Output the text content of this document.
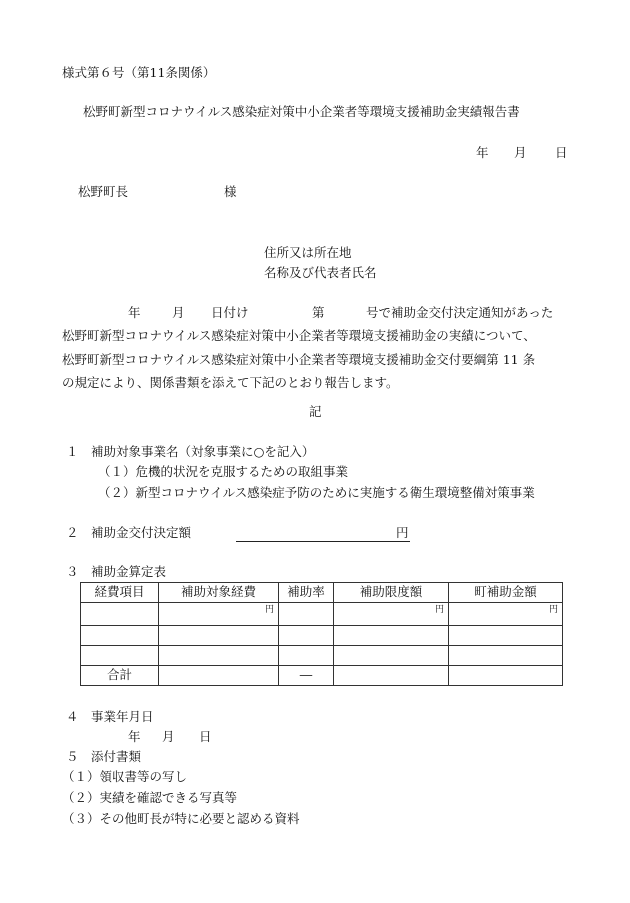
様式第６号（第11条関係）
松野町新型コロナウイルス感染症対策中小企業者等環境支援補助金実績報告書
年 月 日
松野町長	様
住所又は所在地
名称及び代表者氏名
年	月 日付け	第	号で補助金交付決定通知があった
松野町新型コロナウイルス感染症対策中小企業者等環境支援補助金の実績について、
松野町新型コロナウイルス感染症対策中小企業者等環境支援補助金交付要綱第 11 条
の規定により、関係書類を添えて下記のとおり報告します。
記
１ 補助対象事業名（対象事業に○を記入）
（１）危機的状況を克服するための取組事業
（２）新型コロナウイルス感染症予防のために実施する衛生環境整備対策事業
２ 補助金交付決定額	円
３ 補助金算定表
経費項目	補助対象経費	補助率	補助限度額	町補助金額
	円		円	円

合計		―		
４ 事業年月日
年 月 日
５ 添付書類
（１）領収書等の写し
（２）実績を確認できる写真等
（３）その他町長が特に必要と認める資料
